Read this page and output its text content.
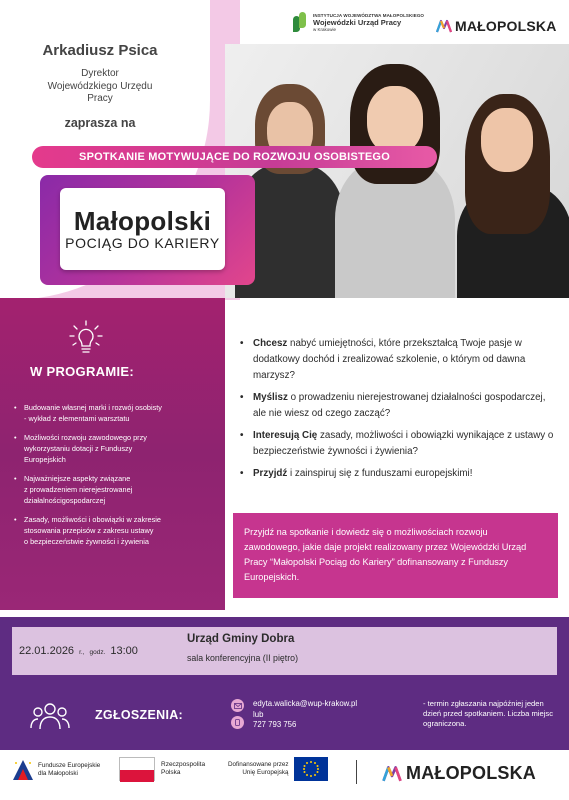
INSTYTUCJA WOJEWÓDZTWA MAŁOPOLSKIEGO
Wojewódzki Urząd Pracy
w Krakowie	MAŁOPOLSKA
Arkadiusz Psica
Dyrektor
Wojewódzkiego Urzędu
Pracy
zaprasza na
SPOTKANIE MOTYWUJĄCE DO ROZWOJU OSOBISTEGO
Małopolski
POCIĄG DO KARIERY
W PROGRAMIE:
• Budowanie własnej marki i rozwój osobisty
- wykład z elementami warsztatu
• Możliwości rozwoju zawodowego przy
wykorzystaniu dotacji z Funduszy
Europejskich
• Najważniejsze aspekty związane
z prowadzeniem nierejestrowanej
działalnościgospodarczej
• Zasady, możliwości i obowiązki w zakresie
stosowania przepisów z zakresu ustawy
o bezpieczeństwie żywności i żywienia
• Chcesz nabyć umiejętności, które przekształcą Twoje pasje w dodatkowy dochód i zrealizować szkolenie, o którym od dawna marzysz?
• Myślisz o prowadzeniu nierejestrowanej działalności gospodarczej, ale nie wiesz od czego zacząć?
• Interesują Cię zasady, możliwości i obowiązki wynikające z ustawy o bezpieczeństwie żywności i żywienia?
• Przyjdź i zainspiruj się z funduszami europejskimi!

Przyjdź na spotkanie i dowiedz się o możliwościach rozwoju zawodowego, jakie daje projekt realizowany przez Wojewódzki Urząd Pracy “Małopolski Pociąg do Kariery” dofinansowany z Funduszy Europejskich.

22.01.2026 r., godz. 13:00
Urząd Gminy Dobra
sala konferencyjna (II piętro)
ZGŁOSZENIA:
edyta.walicka@wup-krakow.pl
lub
727 793 756
- termin zgłaszania najpóźniej jeden dzień przed spotkaniem. Liczba miejsc ograniczona.
Fundusze Europejskie
dla Małopolski
Rzeczpospolita
Polska
Dofinansowane przez
Unię Europejską	MAŁOPOLSKA
